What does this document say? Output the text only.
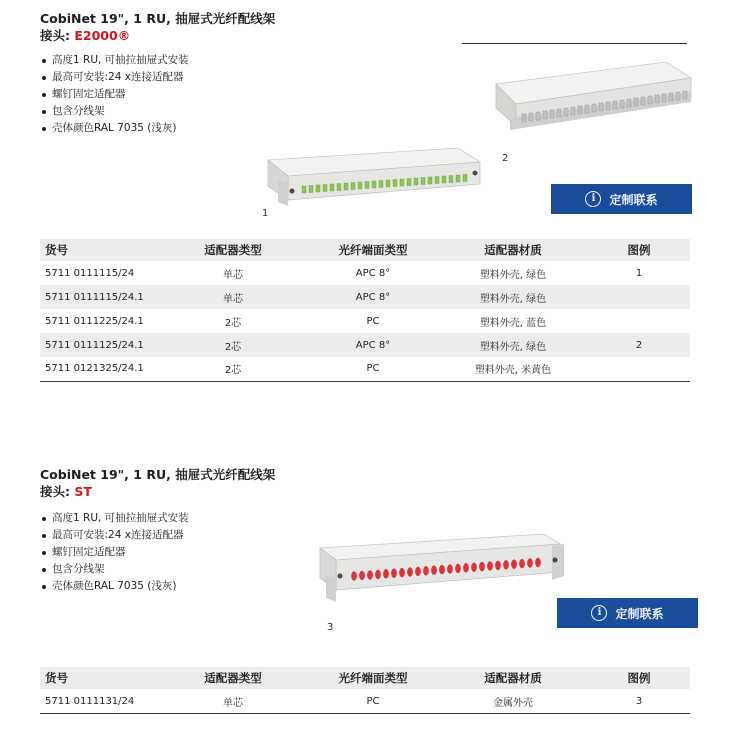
CobiNet 19", 1 RU, 抽屉式光纤配线架
接头: E2000®
高度1 RU, 可抽拉抽屉式安装
最高可安装:24 x连接适配器
螺钉固定适配器
包含分线架
壳体颜色RAL 7035 (浅灰)
1
2
i	定制联系
货号	适配器类型	光纤端面类型	适配器材质	图例
5711 0111115/24	单芯	APC 8°	塑料外壳, 绿色	1
5711 0111115/24.1	单芯	APC 8°	塑料外壳, 绿色	
5711 0111225/24.1	2芯	PC	塑料外壳, 蓝色	
5711 0111125/24.1	2芯	APC 8°	塑料外壳, 绿色	2
5711 0121325/24.1	2芯	PC	塑料外壳, 米黄色	
CobiNet 19", 1 RU, 抽屉式光纤配线架
接头: ST
高度1 RU, 可抽拉抽屉式安装
最高可安装:24 x连接适配器
螺钉固定适配器
包含分线架
壳体颜色RAL 7035 (浅灰)
3
i	定制联系
货号	适配器类型	光纤端面类型	适配器材质	图例
5711 0111131/24	单芯	PC	金属外壳	3
